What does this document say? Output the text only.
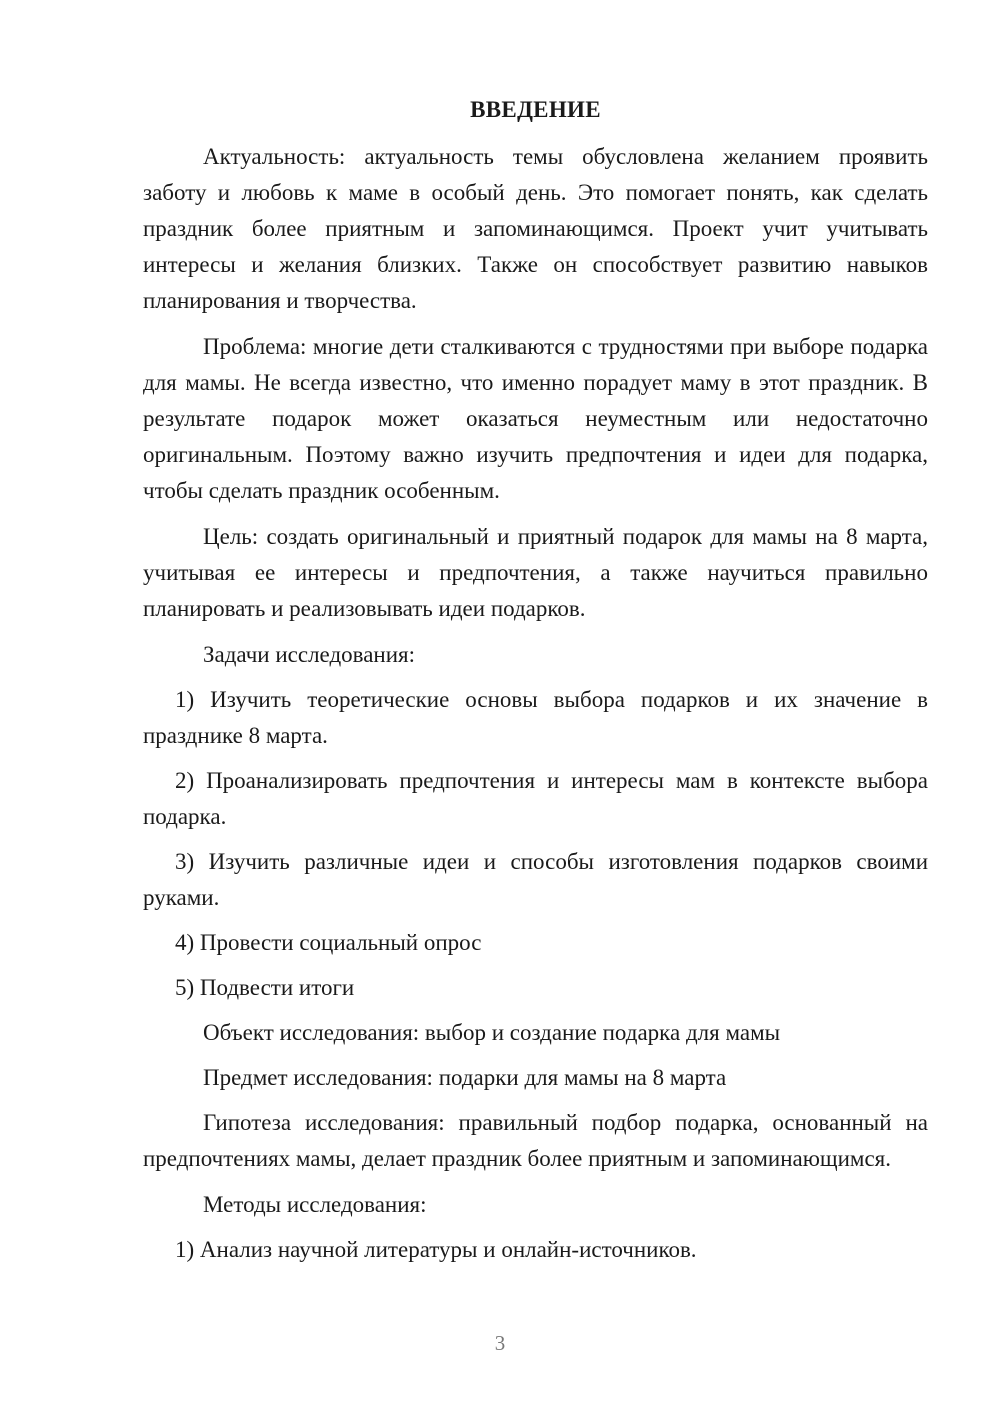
ВВЕДЕНИЕ

Актуальность: актуальность темы обусловлена желанием проявить заботу и любовь к маме в особый день. Это помогает понять, как сделать праздник более приятным и запоминающимся. Проект учит учитывать интересы и желания близких. Также он способствует развитию навыков планирования и творчества.

Проблема: многие дети сталкиваются с трудностями при выборе подарка для мамы. Не всегда известно, что именно порадует маму в этот праздник. В результате подарок может оказаться неуместным или недостаточно оригинальным. Поэтому важно изучить предпочтения и идеи для подарка, чтобы сделать праздник особенным.

Цель: создать оригинальный и приятный подарок для мамы на 8 марта, учитывая ее интересы и предпочтения, а также научиться правильно планировать и реализовывать идеи подарков.

Задачи исследования:

1) Изучить теоретические основы выбора подарков и их значение в празднике 8 марта.

2) Проанализировать предпочтения и интересы мам в контексте выбора подарка.

3) Изучить различные идеи и способы изготовления подарков своими руками.

4) Провести социальный опрос

5) Подвести итоги

Объект исследования: выбор и создание подарка для мамы

Предмет исследования: подарки для мамы на 8 марта

Гипотеза исследования: правильный подбор подарка, основанный на предпочтениях мамы, делает праздник более приятным и запоминающимся.

Методы исследования:

1) Анализ научной литературы и онлайн-источников.

3
